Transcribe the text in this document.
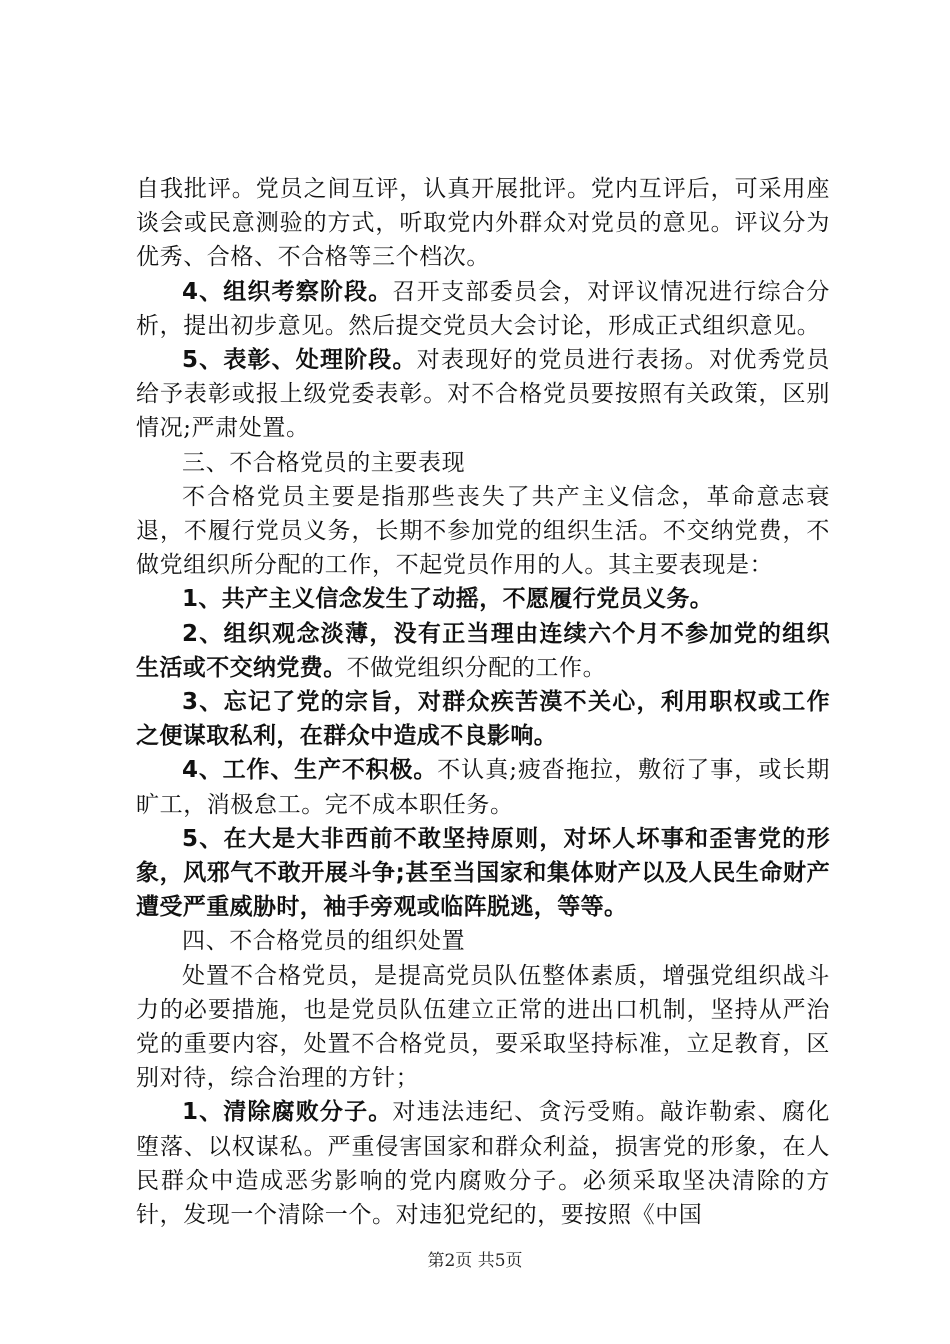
自我批评。党员之间互评，认真开展批评。党内互评后，可采用座谈会或民意测验的方式，听取党内外群众对党员的意见。评议分为优秀、合格、不合格等三个档次。

4、组织考察阶段。召开支部委员会，对评议情况进行综合分析，提出初步意见。然后提交党员大会讨论，形成正式组织意见。

5、表彰、处理阶段。对表现好的党员进行表扬。对优秀党员给予表彰或报上级党委表彰。对不合格党员要按照有关政策，区别情况;严肃处置。

三、不合格党员的主要表现

不合格党员主要是指那些丧失了共产主义信念，革命意志衰退，不履行党员义务，长期不参加党的组织生活。不交纳党费，不做党组织所分配的工作，不起党员作用的人。其主要表现是：

1、共产主义信念发生了动摇，不愿履行党员义务。

2、组织观念淡薄，没有正当理由连续六个月不参加党的组织生活或不交纳党费。不做党组织分配的工作。

3、忘记了党的宗旨，对群众疾苦漠不关心，利用职权或工作之便谋取私利，在群众中造成不良影响。

4、工作、生产不积极。不认真;疲沓拖拉，敷衍了事，或长期旷工，消极怠工。完不成本职任务。

5、在大是大非西前不敢坚持原则，对坏人坏事和歪害党的形象，风邪气不敢开展斗争;甚至当国家和集体财产以及人民生命财产遭受严重威胁时，袖手旁观或临阵脱逃，等等。

四、不合格党员的组织处置

处置不合格党员，是提高党员队伍整体素质，增强党组织战斗力的必要措施，也是党员队伍建立正常的进出口机制，坚持从严治党的重要内容，处置不合格党员，要采取坚持标准，立足教育，区别对待，综合治理的方针；

1、清除腐败分子。对违法违纪、贪污受贿。敲诈勒索、腐化堕落、以权谋私。严重侵害国家和群众利益，损害党的形象，在人民群众中造成恶劣影响的党内腐败分子。必须采取坚决清除的方针，发现一个清除一个。对违犯党纪的，要按照《中国

第2页 共5页
